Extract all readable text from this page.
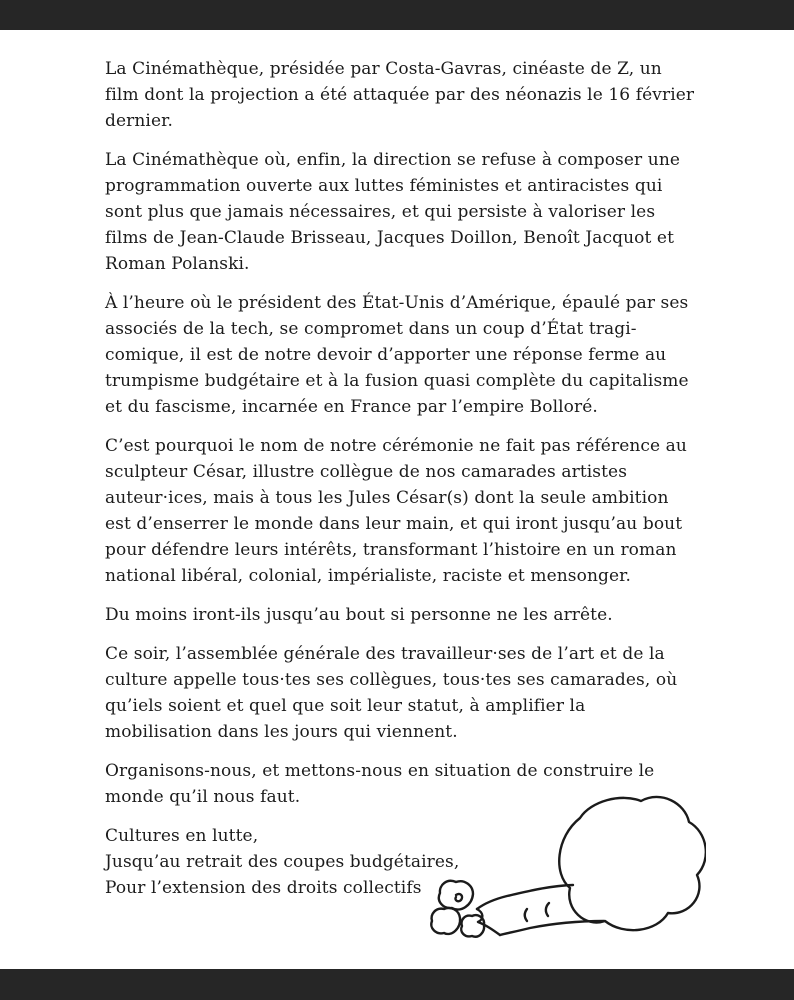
La Cinémathèque, présidée par Costa-Gavras, cinéaste de Z, un film dont la projection a été attaquée par des néonazis le 16 février dernier.

La Cinémathèque où, enfin, la direction se refuse à composer une programmation ouverte aux luttes féministes et antiracistes qui sont plus que jamais nécessaires, et qui persiste à valoriser les films de Jean-Claude Brisseau, Jacques Doillon, Benoît Jacquot et Roman Polanski.

À l’heure où le président des État-Unis d’Amérique, épaulé par ses associés de la tech, se compromet dans un coup d’État tragi-comique, il est de notre devoir d’apporter une réponse ferme au trumpisme budgétaire et à la fusion quasi complète du capitalisme et du fascisme, incarnée en France par l’empire Bolloré.

C’est pourquoi le nom de notre cérémonie ne fait pas référence au sculpteur César, illustre collègue de nos camarades artistes auteur·ices, mais à tous les Jules César(s) dont la seule ambition est d’enserrer le monde dans leur main, et qui iront jusqu’au bout pour défendre leurs intérêts, transformant l’histoire en un roman national libéral, colonial, impérialiste, raciste et mensonger.

Du moins iront-ils jusqu’au bout si personne ne les arrête.

Ce soir, l’assemblée générale des travailleur·ses de l’art et de la culture appelle tous·tes ses collègues, tous·tes ses camarades, où qu’iels soient et quel que soit leur statut, à amplifier la mobilisation dans les jours qui viennent.

Organisons-nous, et mettons-nous en situation de construire le monde qu’il nous faut.

Cultures en lutte,

Jusqu’au retrait des coupes budgétaires,

Pour l’extension des droits collectifs
